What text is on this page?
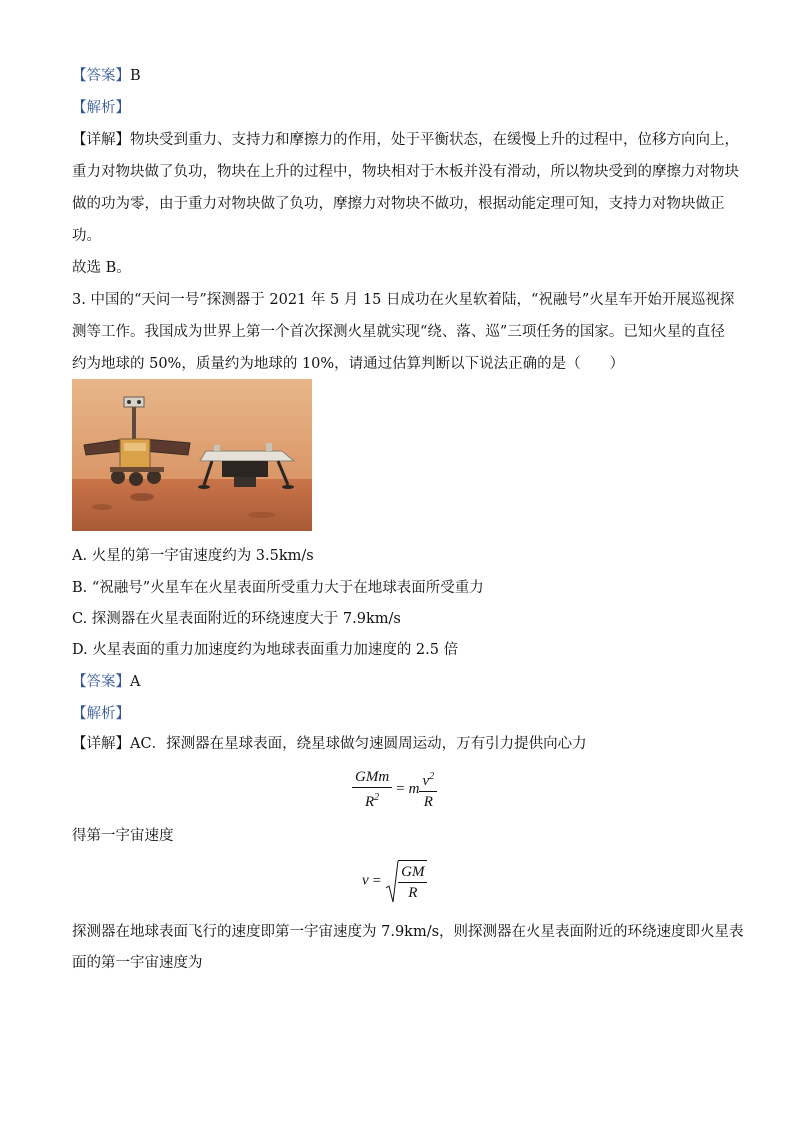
【答案】B
【解析】
【详解】物块受到重力、支持力和摩擦力的作用，处于平衡状态，在缓慢上升的过程中，位移方向向上，
重力对物块做了负功，物块在上升的过程中，物块相对于木板并没有滑动，所以物块受到的摩擦力对物块
做的功为零，由于重力对物块做了负功，摩擦力对物块不做功，根据动能定理可知，支持力对物块做正
功。
故选 B。
3. 中国的“天问一号”探测器于 2021 年 5 月 15 日成功在火星软着陆，“祝融号”火星车开始开展巡视探
测等工作。我国成为世界上第一个首次探测火星就实现“绕、落、巡”三项任务的国家。已知火星的直径
约为地球的 50%，质量约为地球的 10%，请通过估算判断以下说法正确的是（　　）
A. 火星的第一宇宙速度约为 3.5km/s
B. “祝融号”火星车在火星表面所受重力大于在地球表面所受重力
C. 探测器在火星表面附近的环绕速度大于 7.9km/s
D. 火星表面的重力加速度约为地球表面重力加速度的 2.5 倍
【答案】A
【解析】
【详解】AC．探测器在星球表面，绕星球做匀速圆周运动，万有引力提供向心力
$\frac{\text{GMm}}{R^2} = m \frac{v^2}{R}$
得第一宇宙速度
$v = \frac{GM}{R}$
探测器在地球表面飞行的速度即第一宇宙速度为 7.9km/s，则探测器在火星表面附近的环绕速度即火星表
面的第一宇宙速度为
